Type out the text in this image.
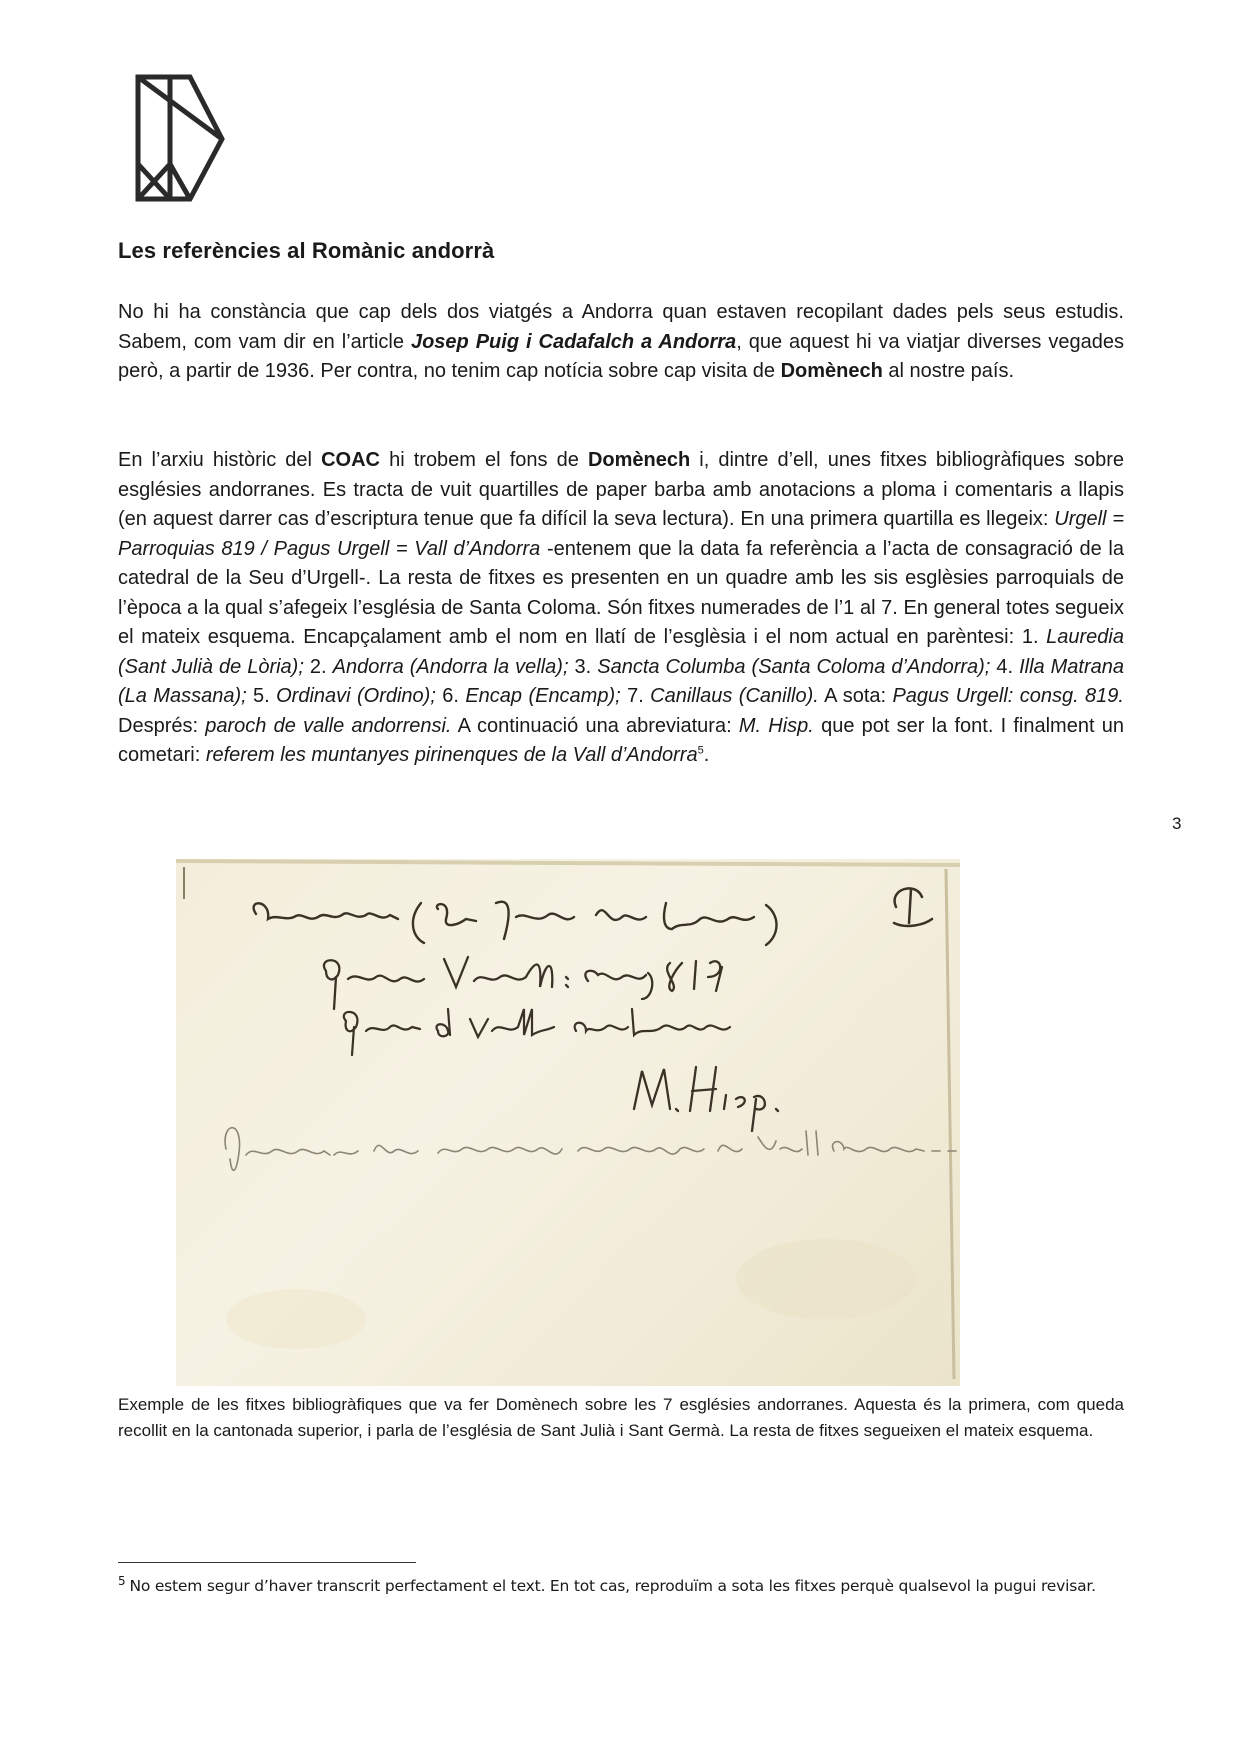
Les referències al Romànic andorrà

No hi ha constància que cap dels dos viatgés a Andorra quan estaven recopilant dades pels seus estudis. Sabem, com vam dir en l’article Josep Puig i Cadafalch a Andorra, que aquest hi va viatjar diverses vegades però, a partir de 1936. Per contra, no tenim cap notícia sobre cap visita de Domènech al nostre país.

En l’arxiu històric del COAC hi trobem el fons de Domènech i, dintre d’ell, unes fitxes bibliogràfiques sobre esglésies andorranes. Es tracta de vuit quartilles de paper barba amb anotacions a ploma i comentaris a llapis (en aquest darrer cas d’escriptura tenue que fa difícil la seva lectura). En una primera quartilla es llegeix: Urgell = Parroquias 819 / Pagus Urgell = Vall d’Andorra -entenem que la data fa referència a l’acta de consagració de la catedral de la Seu d’Urgell-. La resta de fitxes es presenten en un quadre amb les sis esglèsies parroquials de l’època a la qual s’afegeix l’església de Santa Coloma. Són fitxes numerades de l’1 al 7. En general totes segueix el mateix esquema. Encapçalament amb el nom en llatí de l’esglèsia i el nom actual en parèntesi: 1. Lauredia (Sant Julià de Lòria); 2. Andorra (Andorra la vella); 3. Sancta Columba (Santa Coloma d’Andorra); 4. Illa Matrana (La Massana); 5. Ordinavi (Ordino); 6. Encap (Encamp); 7. Canillaus (Canillo). A sota: Pagus Urgell: consg. 819. Després: paroch de valle andorrensi. A continuació una abreviatura: M. Hisp. que pot ser la font. I finalment un cometari: referem les muntanyes pirinenques de la Vall d’Andorra$^5$.

3

Exemple de les fitxes bibliogràfiques que va fer Domènech sobre les 7 esglésies andorranes. Aquesta és la primera, com queda recollit en la cantonada superior, i parla de l’església de Sant Julià i Sant Germà. La resta de fitxes segueixen el mateix esquema.

$^5$ No estem segur d’haver transcrit perfectament el text. En tot cas, reproduïm a sota les fitxes perquè qualsevol la pugui revisar.
